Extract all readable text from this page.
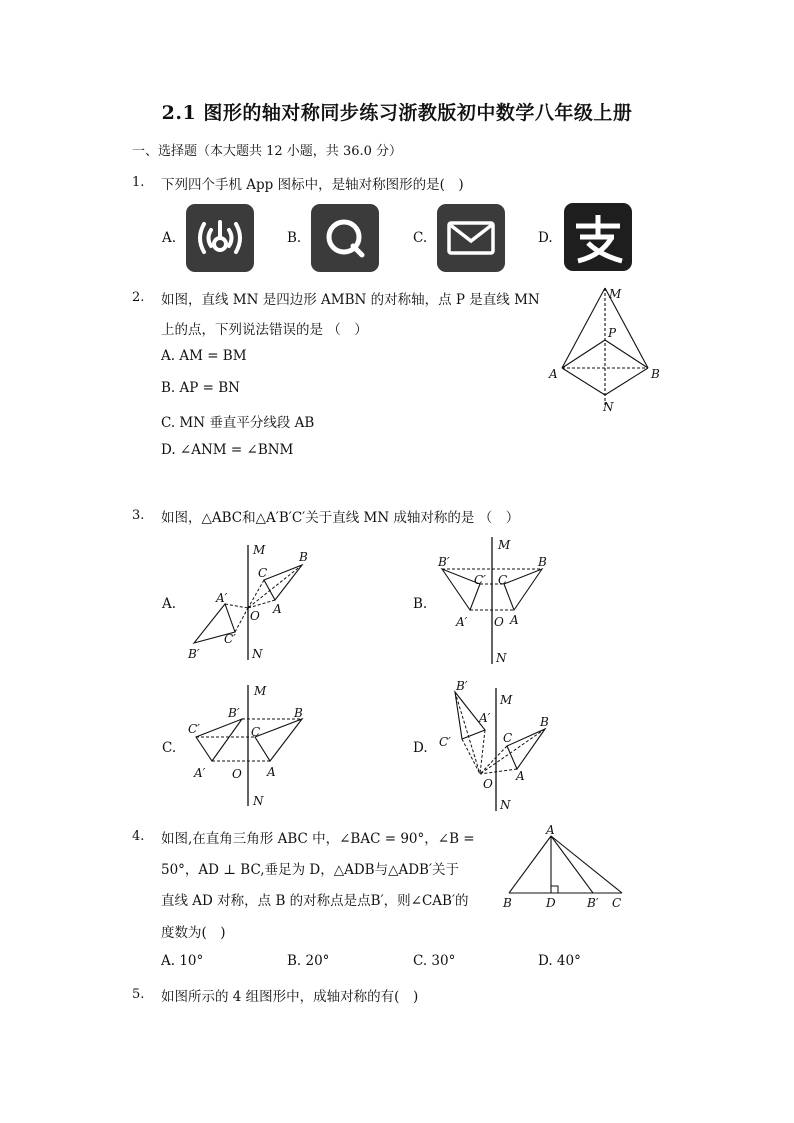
2.1 图形的轴对称同步练习浙教版初中数学八年级上册
一、选择题（本大题共 12 小题，共 36.0 分）
1. 下列四个手机 App 图标中，是轴对称图形的是(　)
A.	B.	C.	D.
2. 如图，直线 MN 是四边形 AMBN 的对称轴，点 P 是直线 MN
上的点，下列说法错误的是 （　）
A. AM = BM
B. AP = BN
C. MN 垂直平分线段 AB
D. ∠ANM = ∠BNM
M
P
A	B
N
3. 如图，△ABC和△A′B′C′关于直线 MN 成轴对称的是 （　）
A.
M	B
C
A
O
A′
C′
B′	N
B.
M
B
C
A
O
B′
C′
A′
N
C.
M
B
C
A
O
B′
C′
A′
N
D.
M
B′
A′
C′
B
C
A
O
N
4. 如图,在直角三角形 ABC 中，∠BAC = 90°，∠B =
50°，AD ⊥ BC,垂足为 D，△ADB与△ADB′关于
直线 AD 对称，点 B 的对称点是点B′，则∠CAB′的
度数为(　)
A
B	D	B′ C
A. 10°	B. 20°	C. 30°	D. 40°
5. 如图所示的 4 组图形中，成轴对称的有(　)
